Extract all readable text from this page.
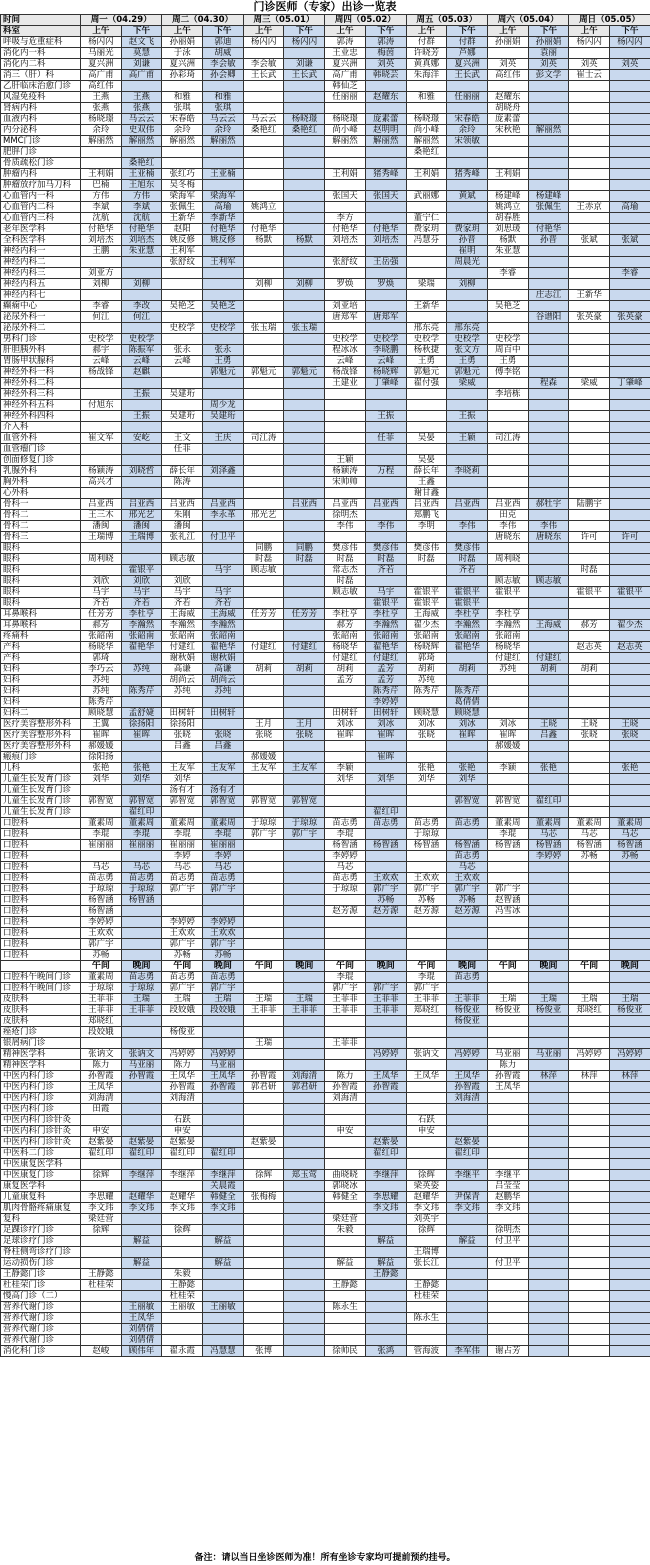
门诊医师（专家）出诊一览表
时间	周一（04.29）		周二（04.30）		周三（05.01）		周四（05.02）		周五（05.03）		周六（05.04）		周日（05.05）	
科室	上午	下午	上午	下午	上午	下午	上午	下午	上午	下午	上午	下午	上午	下午
呼吸与危重症科	杨闪闪	赵文飞	孙丽娟	郭迪	杨闪闪	杨闪闪	郭涛	郭涛	付群	付群	孙丽娟	孙丽娟	杨闪闪	杨闪闪
消化内一科	马丽光	莫慧	于泳	胡威			王业忠	梅茵	许晓芳	芦娜		袁丽		
消化内二科	夏兴洲	刘谦	夏兴洲	李会敏	李会敏	刘谦	夏兴洲	刘英	黄真娜	夏兴洲	刘英	刘英	刘英	刘英
消三（肝）科	高广甫	高广甫	孙彩琦	孙会卿	王长武	王长武	高广甫	韩晓芸	朱海洋	王长武	高红伟	彭文学	崔士云	
乙肝临床治愈门诊	高红伟						韩仙芝							
风湿免疫科	王燕	王燕	和雅	和雅			任丽丽	赵耀东	和雅	任丽丽	赵耀东			
肾病内科	张燕	张燕	张琪	张琪							胡晓舟			
血液内科	杨晓璟	马云云	宋春皓	马云云	马云云	杨晓璟	杨晓璟	庞素蕾	杨晓璟	宋春皓	庞素蕾			
内分泌科	余玲	史双伟	余玲	余玲	桑艳红	桑艳红	尚小峰	赵明明	尚小峰	余玲	宋秋艳	解丽然		
MMC门诊	解丽然	解丽然	解丽然	解丽然			解丽然	解丽然	解丽然	宋领敏				
肥胖门诊									桑艳红					
骨质疏松门诊		桑艳红												
肿瘤内科	王利娟	王亚楠	张红巧	王亚楠			王利娟	猪秀峰	王利娟	猪秀峰	王利娟			
肿瘤放疗加马刀科	巴楠	王旭东	吴冬梅											
心血管内一科	方伟	方伟	梁海军	梁海军			张国天	张国天	武丽娜	黄斌	杨建峰	杨建峰		
心血管内二科	李斌	李斌	张佩生	高瑜	姚鸿立						姚鸿立	张佩生	王赤京	高瑜
心血管内三科	沈航	沈航	王新华	李新华			李方		董宁仁		胡春胜			
老年医学科	付艳华	付艳华	赵阳	付艳华	付艳华		付艳华	付艳华	费家玥	费家玥	刘思瑗	付艳华		
全科医学科	刘培杰	刘培杰	姚反修	姚反修	杨默	杨默	刘培杰	刘培杰	冯慧芬	孙晋	杨默	孙晋	张斌	张斌
神经内科一	王鹏	朱亚慧	王利军							崔明	朱亚慧			
神经内科二			张舒纹	王利军			张舒纹	王岳强		周晨光				
神经内科三	刘亚方										李睿			李睿
神经内科五	刘柳	刘柳			刘柳	刘柳	罗焕	罗焕	梁瑞	刘柳				
神经内科七												庄志江	王新华	
癫痫中心	李睿	李改	吴艳芝	吴艳芝			刘亚培		王新华		吴艳芝			
泌尿外科一	何江	何江					唐郑军	唐郑军				谷谱阳	张英豪	张英豪
泌尿外科二			史校学	史校学	张玉瑞	张玉瑞			邢东亮	邢东亮				
男科门诊	史校学	史校学					史校学	史校学	史校学	史校学	史校学			
肝胆胰外科	郝宇	陈振军	张永	张永			程冰冰	李晓鹏	杨秋捷	张文方	周百中			
胃肠甲状腺科	云峰	云峰	云峰	王勇			云峰	云峰	王勇	王勇	王勇			
神经外科一科	杨战锋	赵麒		郭魁元	郭魁元	郭魁元	杨战锋	杨晓辉	郭魁元	郭魁元	傅李铭			
神经外科二科							王建业	丁肇峰	翟付强	梁威		程森	梁威	丁肇峰
神经外科三科		王振	吴建珩								李培栋			
神经外科五科	付旭东			周少龙										
神经外科四科		王振	吴建珩	吴建珩				王振		王振				
介入科														
血管外科	崔文军	安屹	王文	王庆	司江涛			任菲	吴晏	王颖	司江涛			
血管瘤门诊			任菲											
创面修复门诊							王颖		吴晏					
乳腺外科	杨颖涛	刘晓哲	薛长年	刘泽鑫			杨颖涛	万程	薛长年	李晓莉				
胸外科	高兴才		陈涛				宋帅帅		王鑫					
心外科									谢甘鑫					
骨科一	吕亚西	吕亚西	吕亚西	吕亚西		吕亚西	吕亚西	吕亚西	吕亚西	吕亚西	吕亚西	郝牡宇	陆鹏宇	
骨科二	王三木	邢光艺	朱刚	李永革	邢光艺		徐明杰		郑鹏飞		田克			
骨科二	潘闽	潘闽	潘闽				李伟	李伟	李明	李伟	李伟	李伟		
骨科三	王瑞博	王瑞博	张礼江	付卫平							唐晓东	唐晓东	许可	许可
眼科					同鹏	同鹏	樊彦伟	樊彦伟	樊彦伟	樊彦伟				
眼科	周利晓		顾志敏		时磊	时磊	时磊	时磊	时磊	时磊	周利晓			
眼科		霍银平		马宇	顾志敏		常志杰	齐若		齐若			时磊	
眼科	刘欣	刘欣	刘欣				时磊				顾志敏	顾志敏		
眼科	马宇	马宇	马宇	马宇			顾志敏	马宇	霍银平	霍银平	霍银平		霍银平	霍银平
眼科	齐若	齐若	齐若	齐若				霍银平	霍银平	霍银平				
耳鼻喉科	任芳芳	李杜亨	王海威	王海威	任芳芳	任芳芳	李杜亨	李杜亨	王海威	李杜亨	李杜亨			
耳鼻喉科	郝芳	李瀚然	李瀚然	李瀚然			郝芳	李瀚然	翟少杰	李瀚然	李瀚然	王海威	郝芳	翟少杰
疼痛科	张韶南	张韶南	张韶南	张韶南			张韶南	张韶南	张韶南	张韶南	张韶南			
产科	杨晓华	翟艳华	付建红	翟艳华	付建红	付建红	杨晓华	翟艳华	杨晓辉	翟艳华	杨晓华		赵志英	赵志英
产科	郭琦		谢秋娟	谢秋娟			付建红	付建红	郭琦		付建红	付建红		
妇科	李巧云	苏纯	高谦	高谦	胡莉	胡莉	胡莉	孟芳	胡莉	胡莉	苏纯	胡莉	胡莉	
妇科	苏纯		胡尚云	胡尚云			孟芳	孟芳	苏纯					
妇科	苏纯	陈秀芹	苏纯	苏纯				陈秀芹	陈秀芹	陈秀芹				
妇科	陈秀芹							李婷婷		葛倩倩				
妇科二	顾晓慧	孟舒婕	田树轩	田树轩			田树轩	田树轩	顾晓慧	顾晓慧				
医疗美容整形外科	王翼	徐扬阳	徐扬阳		王月	王月	刘冰	刘冰	刘冰	刘冰	刘冰	王晓	王晓	王晓
医疗美容整形外科	崔晖	崔晖	张晓	张晓	张晓	张晓	崔晖	崔晖	张晓	崔晖	崔晖	吕鑫	张晓	张晓
医疗美容整形外科	郝媛媛		吕鑫	吕鑫							郝媛媛			
瘢痕门诊	徐阳扬				郝媛媛			崔晖						
儿科	张艳	张艳	王友军	王友军	王友军	王友军	李颖		张艳	张艳	李颖	张艳		张艳
儿童生长发育门诊	刘华	刘华	刘华				刘华	刘华	刘华	刘华				
儿童生长发育门诊			汤有才	汤有才										
儿童生长发育门诊	郭智宽	郭智宽	郭智宽	郭智宽	郭智宽	郭智宽				郭智宽	郭智宽	翟红印		
儿童生长发育门诊		翟红印						翟红印						
口腔科	董素周	董素周	董素周	董素周	于琼琼	于琼琼	苗志勇	苗志勇	苗志勇	苗志勇	董素周	董素周	董素周	董素周
口腔科	李琨	李琨	李琨	李琨	郭广宇	郭广宇	李琨		于琼琼		李琨	马芯	马芯	马芯
口腔科	崔丽丽	崔丽丽	崔丽丽	崔丽丽			杨智涵	杨智涵	杨智涵	杨智涵	杨智涵	杨智涵	杨智涵	杨智涵
口腔科			李婷	李婷			李婷婷			苗志勇		李婷婷	苏畅	苏畅
口腔科	马芯	马芯	马芯	马芯			马芯			马芯				
口腔科	苗志勇	苗志勇	苗志勇	苗志勇			苗志勇	王欢欢	王欢欢	王欢欢				
口腔科	于琼琼	于琼琼	郭广宇	郭广宇			于琼琼	郭广宇	郭广宇	郭广宇	郭广宇			
口腔科	杨智涵	杨智涵						苏畅	苏畅	苏畅	赵智涵			
口腔科	杨智涵						赵芳源	赵芳源	赵芳源	赵芳源	冯雪冰			
口腔科	李婷婷		李婷婷	李婷婷										
口腔科	王欢欢		王欢欢	王欢欢										
口腔科	郭广宇		郭广宇	郭广宇										
口腔科	苏畅		苏畅	苏畅										
	午间	晚间	午间	晚间	午间	晚间	午间	晚间	午间	晚间	午间	晚间	午间	晚间
口腔科午晚间门诊	董素周	苗志勇	苗志勇	苗志勇			李琨		李琨	苗志勇				
口腔科午晚间门诊	于琼琼	于琼琼	郭广宇	郭广宇			郭广宇	郭广宇	郭广宇					
皮肤科	王菲菲	王瑞	王瑞	王瑞	王瑞	王瑞	王菲菲	王菲菲	王菲菲	王菲菲	王瑞	王瑞	王瑞	王瑞
皮肤科	王菲菲	王菲菲	段姣娥	段姣娥	王菲菲	王菲菲	王菲菲	王菲菲	郑晓红	杨俊亚	杨俊亚	杨俊亚	郑晓红	杨俊亚
皮肤科	郑晓红									杨俊亚				
痤疮门诊	段姣娥		杨俊亚											
银屑病门诊					王瑞		王菲菲							
精神医学科	张讷文	张讷文	冯婷婷	冯婷婷				冯婷婷	张讷文	冯婷婷	马亚丽	马亚丽	冯婷婷	冯婷婷
精神医学科	陈力	马亚丽	陈力	马亚丽							陈力			
中医内科门诊	孙智霞	孙智霞	王凤华	王凤华	孙智霞	刘海清	陈力	王凤华	王凤华	王凤华	孙智霞	林萍	林萍	林萍
中医内科门诊	王凤华		孙智霞	孙智霞	郭君研	郭君研	孙智霞	孙智霞		孙智霞	王凤华			
中医内科门诊	刘海清		刘海清				刘海清			刘海清				
中医内科门诊	田霞													
中医内科门诊针灸			石跃						石跃					
中医内科门诊针灸	申安		申安				申安		申安					
中医内科门诊针灸	赵紫晏	赵紫晏	赵紫晏		赵紫晏			赵紫晏		赵紫晏				
中医科二门诊	翟红印	翟红印	翟红印	翟红印				翟红印		翟红印				
中医康复医学科														
中医康复门诊	徐辉	李继萍	李继萍	李继萍	徐辉	郑玉莺	曲晓晓	李继萍	徐辉	李继平	李继平			
康复医学科				关晨霞			郭晓冰		梁英姿		吕莹莹			
儿童康复科	李思耀	赵耀华	赵耀华	韩健全	张梅梅		韩健全	李思耀	赵耀华	尹保青	赵鹏华			
肌肉骨骼疼痛康复	李文玮	李文玮	李文玮	李文玮				李文玮	李文玮	李文玮	李文玮			
复科	梁廷营						梁廷营		刘英宇					
足踝诊疗门诊	徐辉		徐辉				朱毅		徐辉		徐明杰			
足球诊疗门诊		解益		解益				解益		解益	付卫平			
脊柱侧弯诊疗门诊									王瑞博					
运动损伤门诊		解益		解益			解益	解益	张长江		付卫平			
王静懿门诊	王静懿		朱毅					王静懿						
杜桂荣门诊	杜桂荣		王静懿				王静懿		王静懿					
慢高门诊（二）			杜桂荣						杜桂荣					
营养代谢门诊		王丽敏	王丽敏	王丽敏			陈永生							
营养代谢门诊		王凤华							陈永生					
营养代谢门诊		刘倩倩												
营养代谢门诊		刘倩倩												
消化科门诊	赵峻	顾伟年	翟永霞	冯慧慧	张博		徐帅民	张鸿	管海波	李军伟	谢占芳			
备注：请以当日坐诊医师为准！所有坐诊专家均可提前预约挂号。
